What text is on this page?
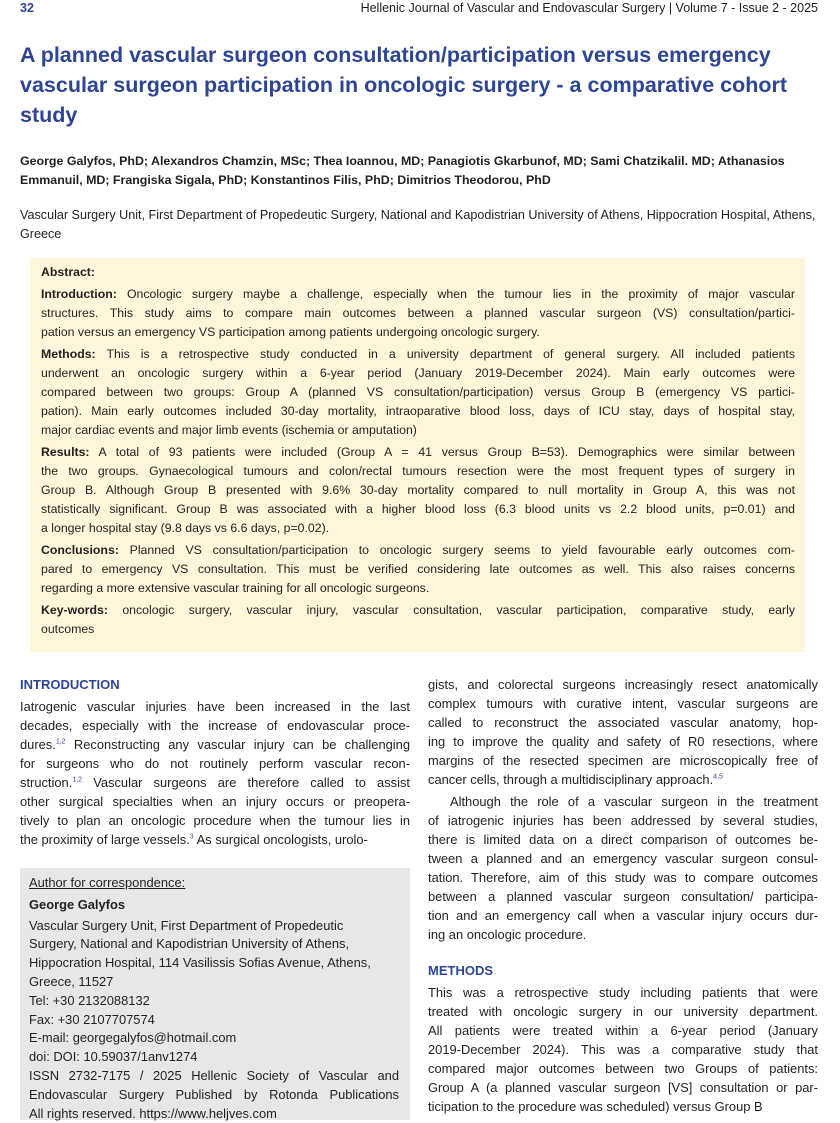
32	Hellenic Journal of Vascular and Endovascular Surgery | Volume 7 - Issue 2 - 2025
A planned vascular surgeon consultation/participation versus emergency vascular surgeon participation in oncologic surgery - a comparative cohort study
George Galyfos, PhD; Alexandros Chamzin, MSc; Thea Ioannou, MD; Panagiotis Gkarbunof, MD; Sami Chatzikalil. MD; Athanasios Emmanuil, MD; Frangiska Sigala, PhD; Konstantinos Filis, PhD; Dimitrios Theodorou, PhD
Vascular Surgery Unit, First Department of Propedeutic Surgery, National and Kapodistrian University of Athens, Hippocration Hospital, Athens, Greece
Abstract:
Introduction: Oncologic surgery maybe a challenge, especially when the tumour lies in the proximity of major vascular
structures. This study aims to compare main outcomes between a planned vascular surgeon (VS) consultation/partici-
pation versus an emergency VS participation among patients undergoing oncologic surgery.
Methods: This is a retrospective study conducted in a university department of general surgery. All included patients
underwent an oncologic surgery within a 6-year period (January 2019-December 2024). Main early outcomes were
compared between two groups: Group A (planned VS consultation/participation) versus Group B (emergency VS partici-
pation). Main early outcomes included 30-day mortality, intraoparative blood loss, days of ICU stay, days of hospital stay,
major cardiac events and major limb events (ischemia or amputation)
Results: A total of 93 patients were included (Group A = 41 versus Group B=53). Demographics were similar between
the two groups. Gynaecological tumours and colon/rectal tumours resection were the most frequent types of surgery in
Group B. Although Group B presented with 9.6% 30-day mortality compared to null mortality in Group A, this was not
statistically significant. Group B was associated with a higher blood loss (6.3 blood units vs 2.2 blood units, p=0.01) and
a longer hospital stay (9.8 days vs 6.6 days, p=0.02).
Conclusions: Planned VS consultation/participation to oncologic surgery seems to yield favourable early outcomes com-
pared to emergency VS consultation. This must be verified considering late outcomes as well. This also raises concerns
regarding a more extensive vascular training for all oncologic surgeons.
Key-words: oncologic surgery, vascular injury, vascular consultation, vascular participation, comparative study, early
outcomes
INTRODUCTION
Iatrogenic vascular injuries have been increased in the last
decades, especially with the increase of endovascular proce-
dures.$^{1,2}$ Reconstructing any vascular injury can be challenging
for surgeons who do not routinely perform vascular recon-
struction.$^{1,2}$ Vascular surgeons are therefore called to assist
other surgical specialties when an injury occurs or preopera-
tively to plan an oncologic procedure when the tumour lies in
the proximity of large vessels.$^3$ As surgical oncologists, urolo-
Author for correspondence:
George Galyfos
Vascular Surgery Unit, First Department of Propedeutic
Surgery, National and Kapodistrian University of Athens,
Hippocration Hospital, 114 Vasilissis Sofias Avenue, Athens,
Greece, 11527
Tel: +30 2132088132
Fax: +30 2107707574
E-mail: georgegalyfos@hotmail.com
doi: DOI: 10.59037/1anv1274
ISSN 2732-7175 / 2025 Hellenic Society of Vascular and
Endovascular Surgery Published by Rotonda Publications
All rights reserved. https://www.heljves.com
gists, and colorectal surgeons increasingly resect anatomically
complex tumours with curative intent, vascular surgeons are
called to reconstruct the associated vascular anatomy, hop-
ing to improve the quality and safety of R0 resections, where
margins of the resected specimen are microscopically free of
cancer cells, through a multidisciplinary approach.$^{4,5}$
Although the role of a vascular surgeon in the treatment
of iatrogenic injuries has been addressed by several studies,
there is limited data on a direct comparison of outcomes be-
tween a planned and an emergency vascular surgeon consul-
tation. Therefore, aim of this study was to compare outcomes
between a planned vascular surgeon consultation/ participa-
tion and an emergency call when a vascular injury occurs dur-
ing an oncologic procedure.
METHODS
This was a retrospective study including patients that were
treated with oncologic surgery in our university department.
All patients were treated within a 6-year period (January
2019-December 2024). This was a comparative study that
compared major outcomes between two Groups of patients:
Group A (a planned vascular surgeon [VS] consultation or par-
ticipation to the procedure was scheduled) versus Group B
